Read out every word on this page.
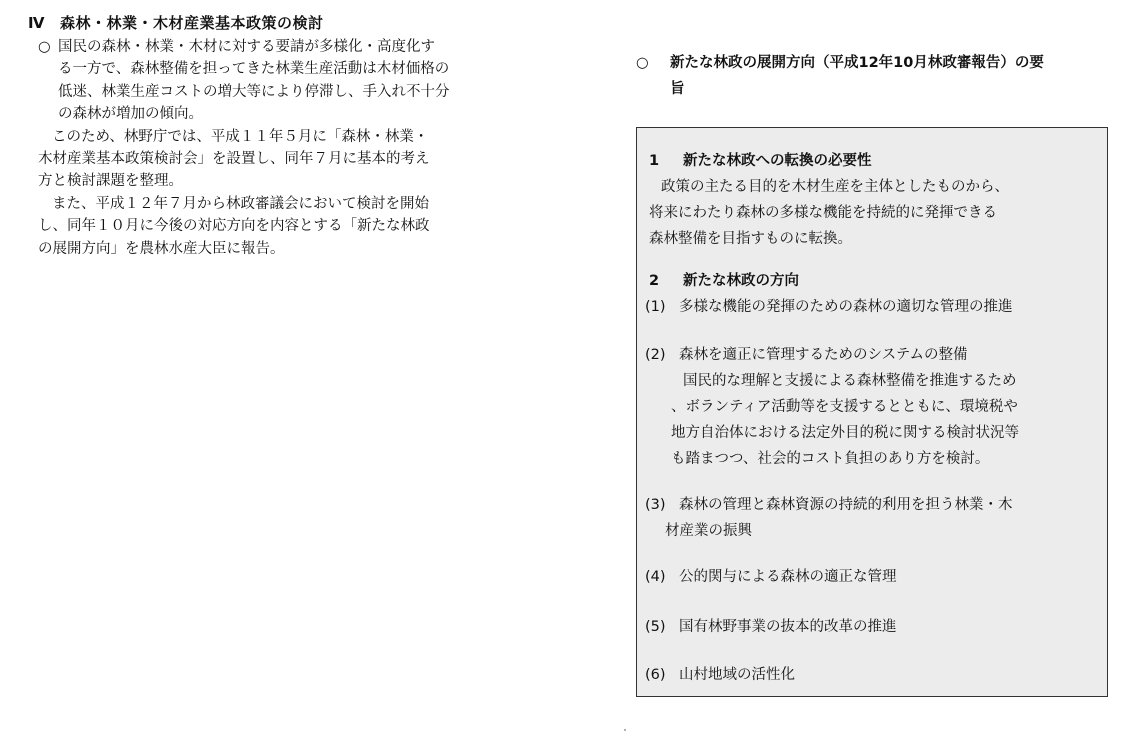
Ⅳ 森林・林業・木材産業基本政策の検討

○ 国民の森林・林業・木材に対する要請が多様化・高度化す
る一方で、森林整備を担ってきた林業生産活動は木材価格の
低迷、林業生産コストの増大等により停滞し、手入れ不十分
の森林が増加の傾向。

このため、林野庁では、平成１１年５月に「森林・林業・
木材産業基本政策検討会」を設置し、同年７月に基本的考え
方と検討課題を整理。

また、平成１２年７月から林政審議会において検討を開始
し、同年１０月に今後の対応方向を内容とする「新たな林政
の展開方向」を農林水産大臣に報告。

○ 新たな林政の展開方向（平成12年10月林政審報告）の要
旨
1 新たな林政への転換の必要性

政策の主たる目的を木材生産を主体としたものから、
将来にわたり森林の多様な機能を持続的に発揮できる
森林整備を目指すものに転換。

2 新たな林政の方向
(1) 多様な機能の発揮のための森林の適切な管理の推進
(2) 森林を適正に管理するためのシステムの整備
国民的な理解と支援による森林整備を推進するため
、ボランティア活動等を支援するとともに、環境税や
地方自治体における法定外目的税に関する検討状況等
も踏まつつ、社会的コスト負担のあり方を検討。
(3) 森林の管理と森林資源の持続的利用を担う林業・木
材産業の振興
(4) 公的関与による森林の適正な管理
(5) 国有林野事業の抜本的改革の推進
(6) 山村地域の活性化
